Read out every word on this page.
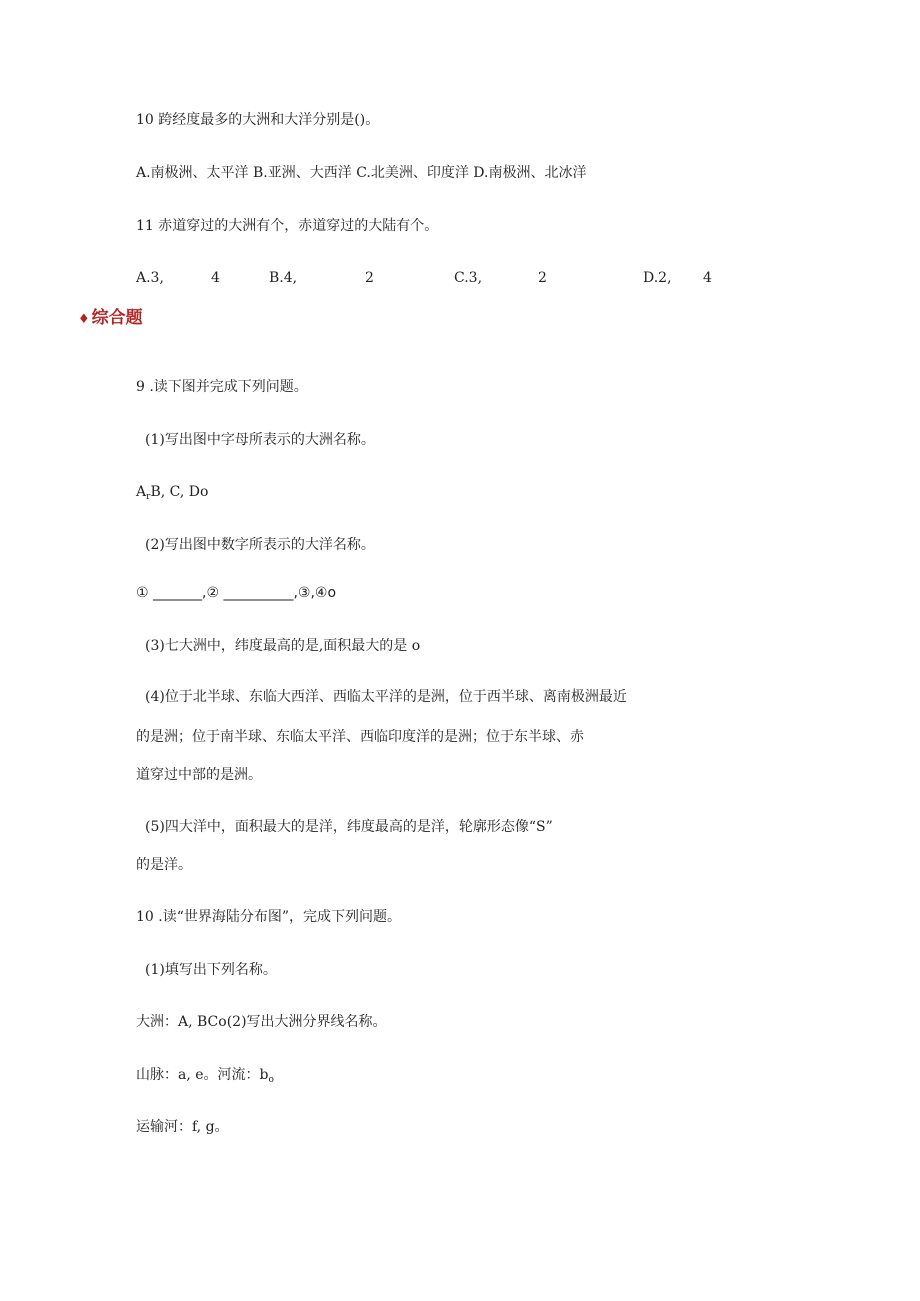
10 跨经度最多的大洲和大洋分别是()。
A.南极洲、太平洋 B.亚洲、大西洋 C.北美洲、印度洋 D.南极洲、北冰洋
11 赤道穿过的大洲有个，赤道穿过的大陆有个。
A.3,	4	B.4,	2	C.3,	2	D.2, 4
♦ 综合题
9 .读下图并完成下列问题。
(1)写出图中字母所表示的大洲名称。
$A_rB$, C, Do
(2)写出图中数字所表示的大洋名称。
① _______,② __________,③,④o
(3)七大洲中，纬度最高的是,面积最大的是 o
(4)位于北半球、东临大西洋、西临太平洋的是洲，位于西半球、离南极洲最近
的是洲；位于南半球、东临太平洋、西临印度洋的是洲；位于东半球、赤
道穿过中部的是洲。
(5)四大洋中，面积最大的是洋，纬度最高的是洋，轮廓形态像“S”
的是洋。
10 .读“世界海陆分布图”，完成下列问题。
(1)填写出下列名称。
大洲：A, BCo(2)写出大洲分界线名称。
山脉：a, e。河流：$b_o$
运输河：f, g。
